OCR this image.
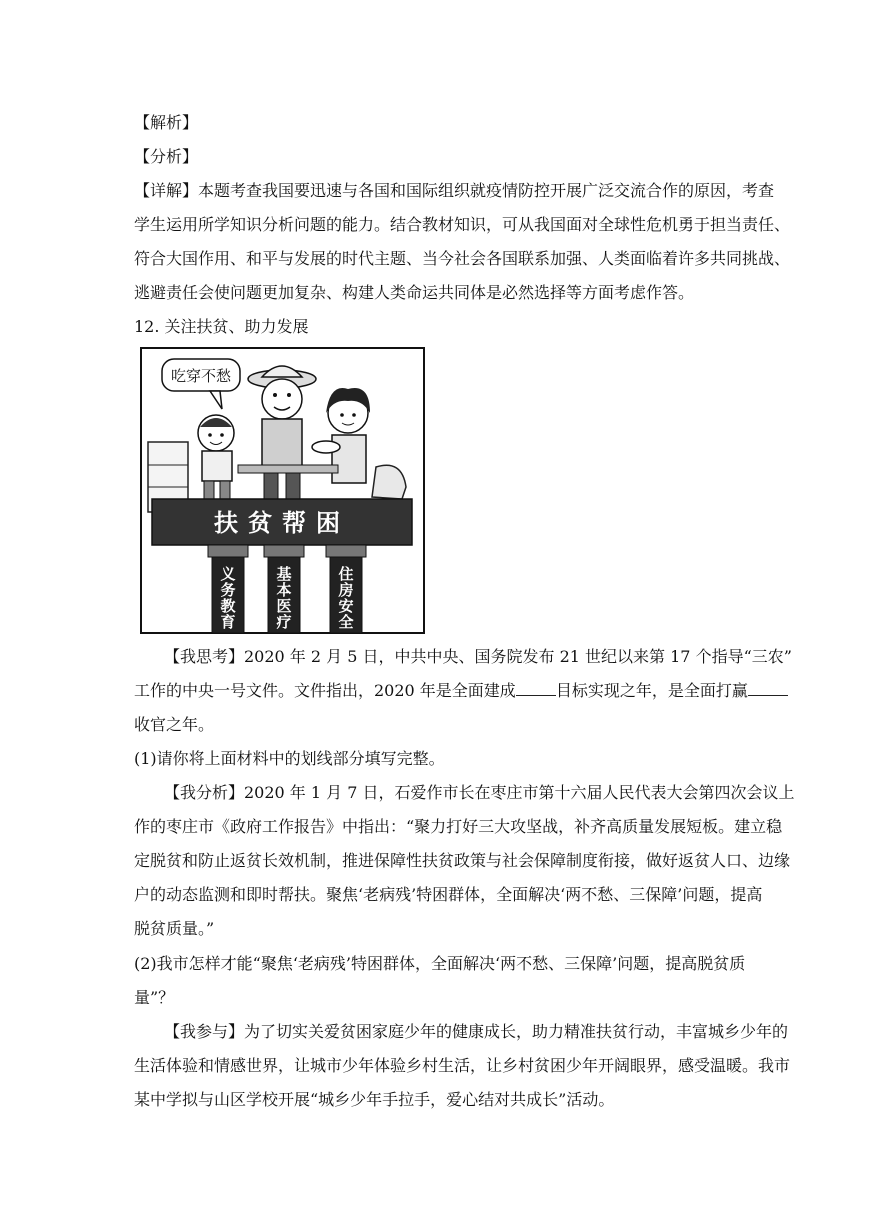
【解析】
【分析】
【详解】本题考查我国要迅速与各国和国际组织就疫情防控开展广泛交流合作的原因，考查
学生运用所学知识分析问题的能力。结合教材知识，可从我国面对全球性危机勇于担当责任、
符合大国作用、和平与发展的时代主题、当今社会各国联系加强、人类面临着许多共同挑战、
逃避责任会使问题更加复杂、构建人类命运共同体是必然选择等方面考虑作答。
12. 关注扶贫、助力发展
吃穿不愁
扶贫帮困
义务教育
基本医疗
住房安全
【我思考】2020 年 2 月 5 日，中共中央、国务院发布 21 世纪以来第 17 个指导“三农”
工作的中央一号文件。文件指出，2020 年是全面建成	目标实现之年，是全面打赢
收官之年。
(1)请你将上面材料中的划线部分填写完整。
【我分析】2020 年 1 月 7 日，石爱作市长在枣庄市第十六届人民代表大会第四次会议上
作的枣庄市《政府工作报告》中指出：“聚力打好三大攻坚战，补齐高质量发展短板。建立稳
定脱贫和防止返贫长效机制，推进保障性扶贫政策与社会保障制度衔接，做好返贫人口、边缘
户的动态监测和即时帮扶。聚焦‘老病残’特困群体，全面解决‘两不愁、三保障’问题，提高
脱贫质量。”
(2)我市怎样才能“聚焦‘老病残’特困群体，全面解决‘两不愁、三保障’问题，提高脱贫质
量”？
【我参与】为了切实关爱贫困家庭少年的健康成长，助力精准扶贫行动，丰富城乡少年的
生活体验和情感世界，让城市少年体验乡村生活，让乡村贫困少年开阔眼界，感受温暖。我市
某中学拟与山区学校开展“城乡少年手拉手，爱心结对共成长”活动。
